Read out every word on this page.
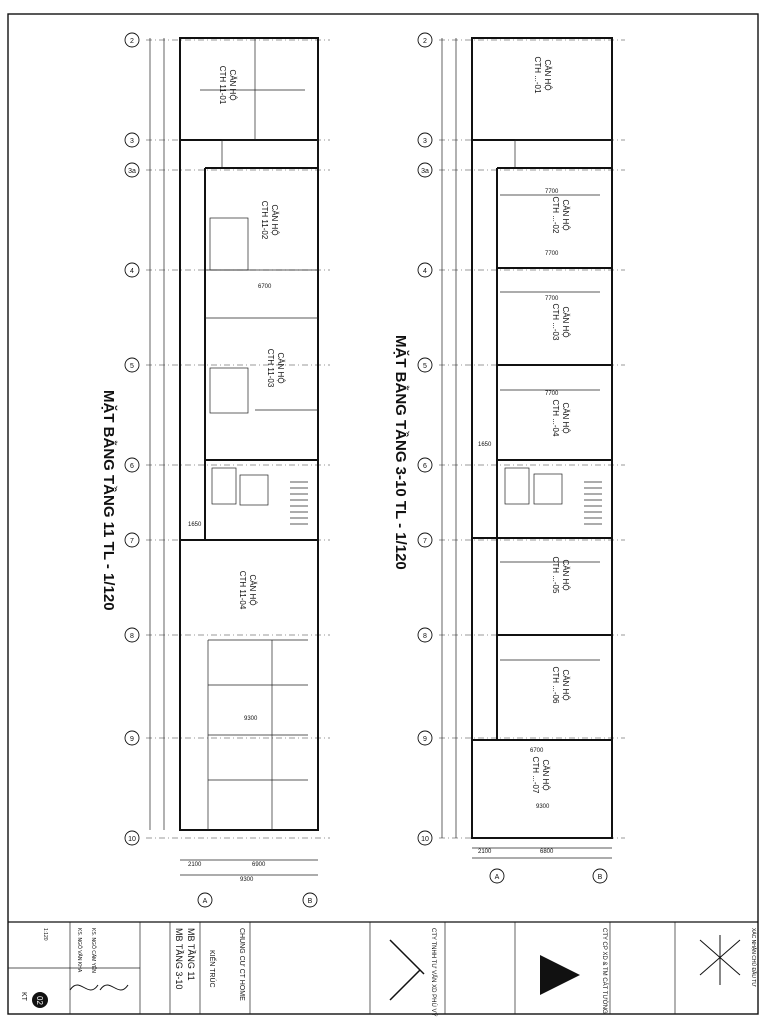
2
3
3a
4
5
6
7
8
9
10
CĂN HỘ
CTH 11-01
CĂN HỘ
CTH 11-02
CĂN HỘ
CTH 11-03
CĂN HỘ
CTH 11-04
6700
1650
9300
2100	6900
9300
MẶT BẰNG TẦNG 11 TL - 1/120
2
3
3a
4
5
6
7
8
9
10
CĂN HỘ
CTH ...-01
CĂN HỘ
CTH ...-02
CĂN HỘ
CTH ...-03
CĂN HỘ
CTH ...-04
CĂN HỘ
CTH ...-05
CĂN HỘ
CTH ...-06
CĂN HỘ
CTH ...-07
7700
7700
7700
7700
6700
9300
1650
2100	6800
MẶT BẰNG TẦNG 3-10 TL - 1/120
A	B
A	B
MB TẦNG 3-10 MB TẦNG 11	CHUNG CƯ CT HOME
KIẾN TRÚC	CTY TNHH TƯ VẤN XD PHÚ VỸ	CTY CP XD & TM CÁT TƯỜNG
KS. NGÔ VĂN KHA KS. NGÔ CẨM YẾN
1:120	XÁC NHẬN CHỦ ĐẦU TƯ
02
KT
